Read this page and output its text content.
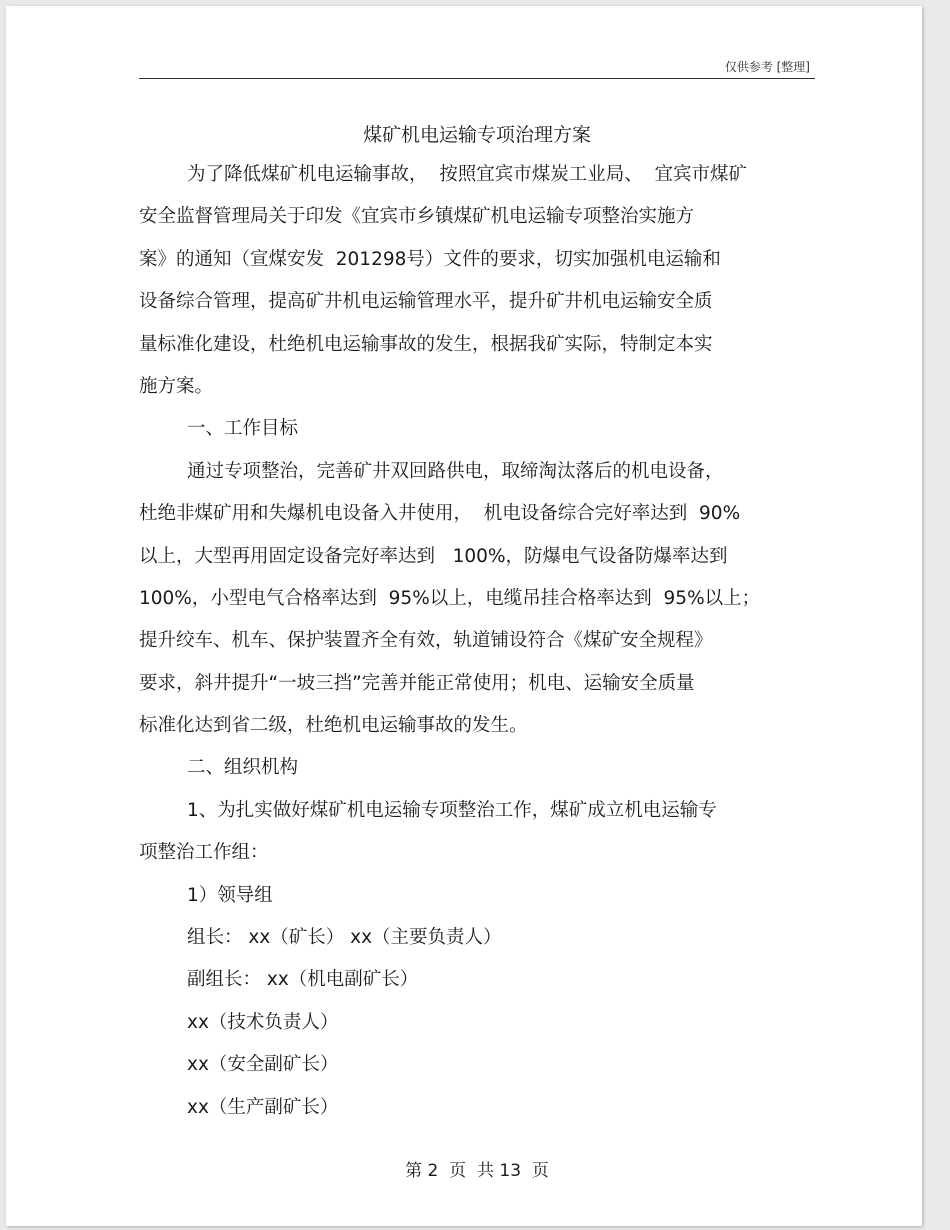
仅供参考 [整理]
煤矿机电运输专项治理方案
为了降低煤矿机电运输事故，  按照宜宾市煤炭工业局、  宜宾市煤矿
安全监督管理局关于印发《宜宾市乡镇煤矿机电运输专项整治实施方
案》的通知（宣煤安发  201298号）文件的要求，切实加强机电运输和
设备综合管理，提高矿井机电运输管理水平，提升矿井机电运输安全质
量标准化建设，杜绝机电运输事故的发生，根据我矿实际，特制定本实
施方案。
一、工作目标
通过专项整治，完善矿井双回路供电，取缔淘汰落后的机电设备，
杜绝非煤矿用和失爆机电设备入井使用，  机电设备综合完好率达到  90%
以上，大型再用固定设备完好率达到   100%，防爆电气设备防爆率达到
100%，小型电气合格率达到  95%以上，电缆吊挂合格率达到  95%以上；
提升绞车、机车、保护装置齐全有效，轨道铺设符合《煤矿安全规程》
要求，斜井提升“一坡三挡”完善并能正常使用；机电、运输安全质量
标准化达到省二级，杜绝机电运输事故的发生。
二、组织机构
1、为扎实做好煤矿机电运输专项整治工作，煤矿成立机电运输专
项整治工作组：
1）领导组
组长： xx（矿长） xx（主要负责人）
副组长： xx（机电副矿长）
xx（技术负责人）
xx（安全副矿长）
xx（生产副矿长）
第 2  页  共 13  页
